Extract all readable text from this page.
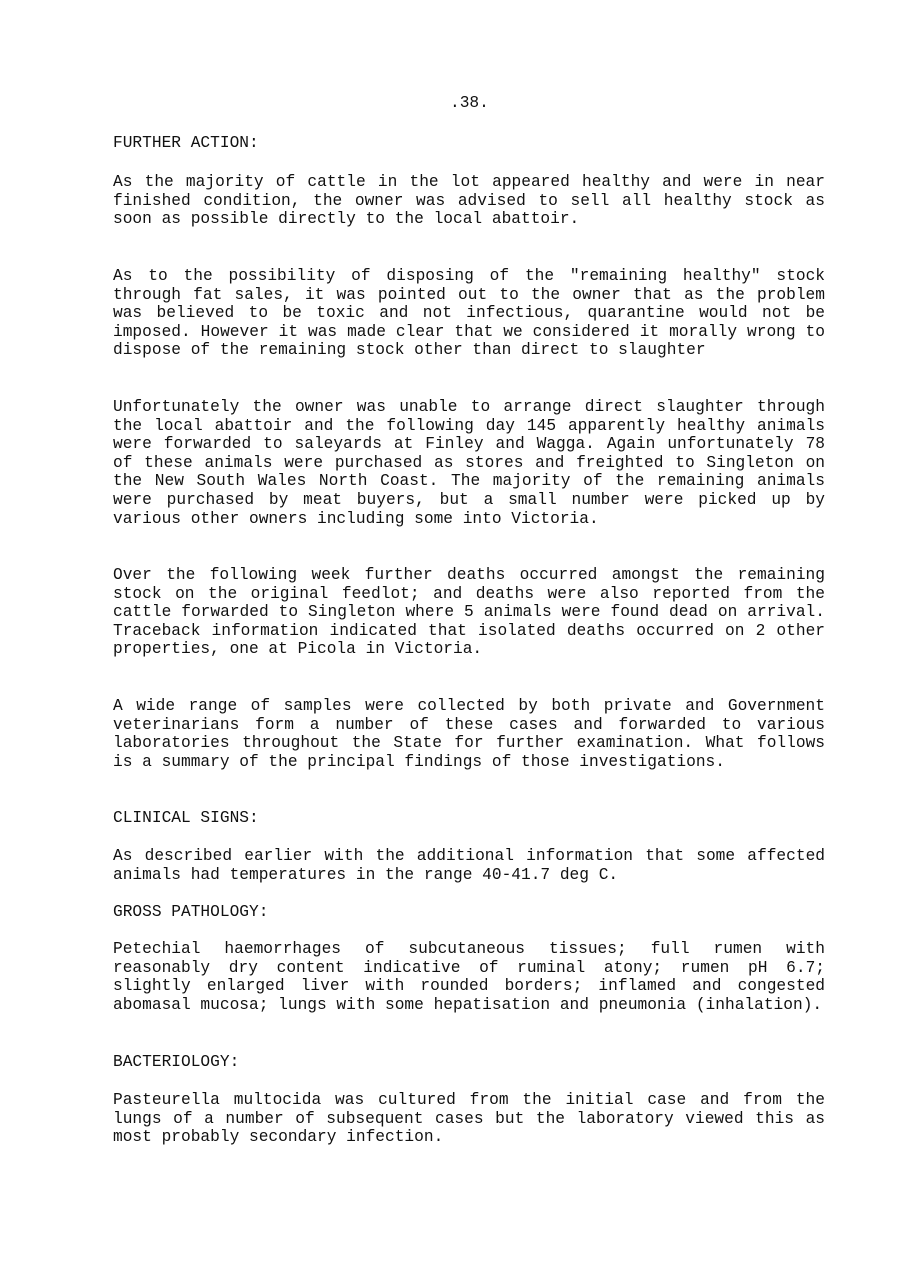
.38.

FURTHER ACTION:

As the majority of cattle in the lot appeared healthy and were in near finished condition, the owner was advised to sell all healthy stock as soon as possible directly to the local abattoir.

As to the possibility of disposing of the "remaining healthy" stock through fat sales, it was pointed out to the owner that as the problem was believed to be toxic and not infectious, quarantine would not be imposed. However it was made clear that we considered it morally wrong to dispose of the remaining stock other than direct to slaughter

Unfortunately the owner was unable to arrange direct slaughter through the local abattoir and the following day 145 apparently healthy animals were forwarded to saleyards at Finley and Wagga. Again unfortunately 78 of these animals were purchased as stores and freighted to Singleton on the New South Wales North Coast. The majority of the remaining animals were purchased by meat buyers, but a small number were picked up by various other owners including some into Victoria.

Over the following week further deaths occurred amongst the remaining stock on the original feedlot; and deaths were also reported from the cattle forwarded to Singleton where 5 animals were found dead on arrival. Traceback information indicated that isolated deaths occurred on 2 other properties, one at Picola in Victoria.

A wide range of samples were collected by both private and Government veterinarians form a number of these cases and forwarded to various laboratories throughout the State for further examination. What follows is a summary of the principal findings of those investigations.

CLINICAL SIGNS:

As described earlier with the additional information that some affected animals had temperatures in the range 40-41.7 deg C.

GROSS PATHOLOGY:

Petechial haemorrhages of subcutaneous tissues; full rumen with reasonably dry content indicative of ruminal atony; rumen pH 6.7; slightly enlarged liver with rounded borders; inflamed and congested abomasal mucosa; lungs with some hepatisation and pneumonia (inhalation).

BACTERIOLOGY:

Pasteurella multocida was cultured from the initial case and from the lungs of a number of subsequent cases but the laboratory viewed this as most probably secondary infection.
